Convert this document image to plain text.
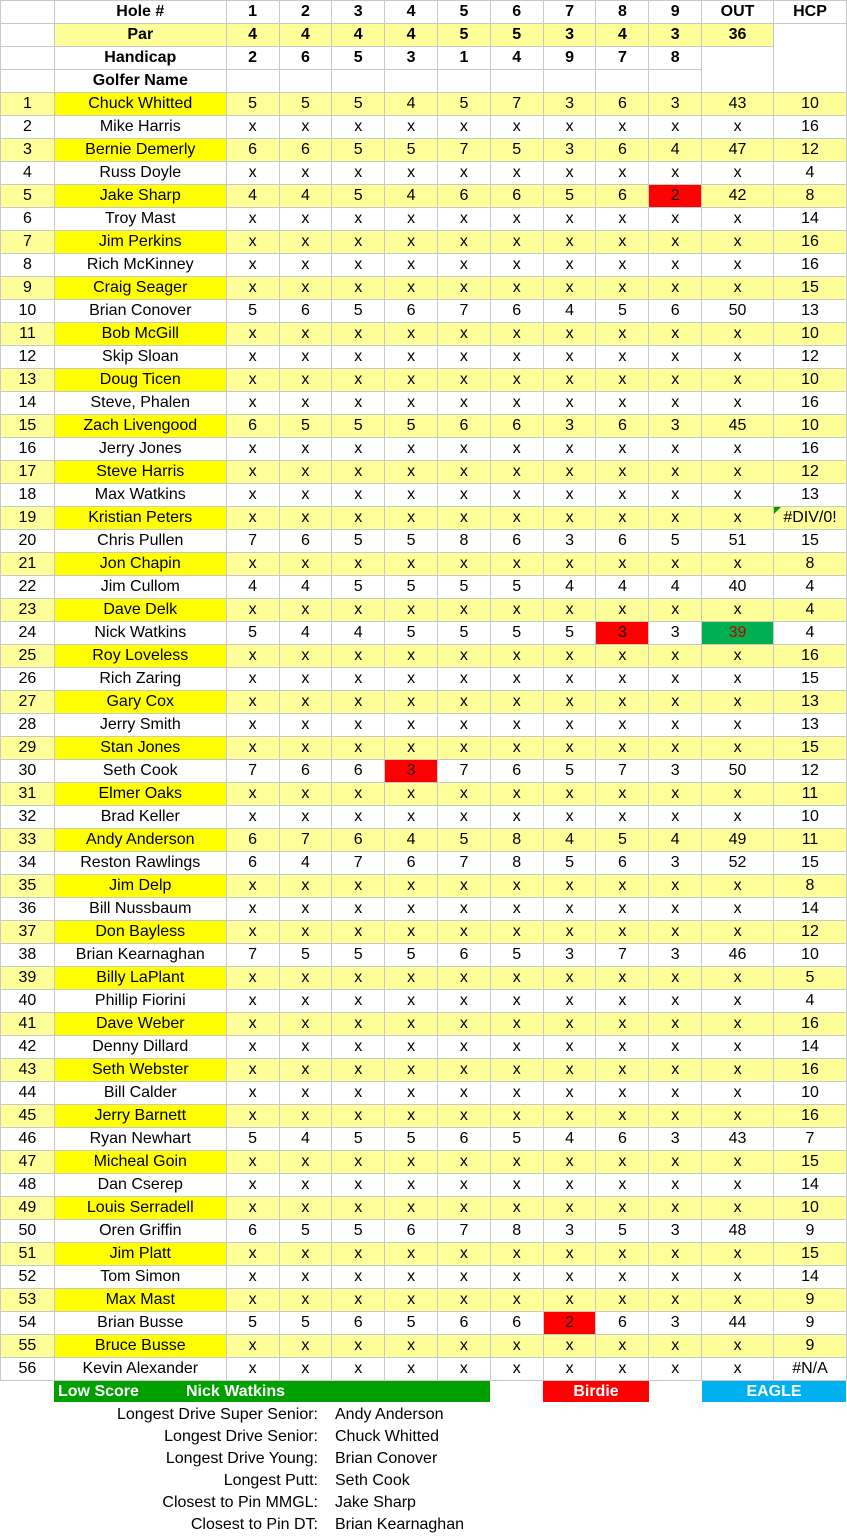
	Hole #	1	2	3	4	5	6	7	8	9	OUT	HCP
	Par	4	4	4	4	5	5	3	4	3	36	
	Handicap	2	6	5	3	1	4	9	7	8		
	Golfer Name											
1	Chuck Whitted	5	5	5	4	5	7	3	6	3	43	10
2	Mike Harris	x	x	x	x	x	x	x	x	x	x	16
3	Bernie Demerly	6	6	5	5	7	5	3	6	4	47	12
4	Russ Doyle	x	x	x	x	x	x	x	x	x	x	4
5	Jake Sharp	4	4	5	4	6	6	5	6	2	42	8
6	Troy Mast	x	x	x	x	x	x	x	x	x	x	14
7	Jim Perkins	x	x	x	x	x	x	x	x	x	x	16
8	Rich McKinney	x	x	x	x	x	x	x	x	x	x	16
9	Craig Seager	x	x	x	x	x	x	x	x	x	x	15
10	Brian Conover	5	6	5	6	7	6	4	5	6	50	13
11	Bob McGill	x	x	x	x	x	x	x	x	x	x	10
12	Skip Sloan	x	x	x	x	x	x	x	x	x	x	12
13	Doug Ticen	x	x	x	x	x	x	x	x	x	x	10
14	Steve, Phalen	x	x	x	x	x	x	x	x	x	x	16
15	Zach Livengood	6	5	5	5	6	6	3	6	3	45	10
16	Jerry Jones	x	x	x	x	x	x	x	x	x	x	16
17	Steve Harris	x	x	x	x	x	x	x	x	x	x	12
18	Max Watkins	x	x	x	x	x	x	x	x	x	x	13
19	Kristian Peters	x	x	x	x	x	x	x	x	x	x	#DIV/0!
20	Chris Pullen	7	6	5	5	8	6	3	6	5	51	15
21	Jon Chapin	x	x	x	x	x	x	x	x	x	x	8
22	Jim Cullom	4	4	5	5	5	5	4	4	4	40	4
23	Dave Delk	x	x	x	x	x	x	x	x	x	x	4
24	Nick Watkins	5	4	4	5	5	5	5	3	3	39	4
25	Roy Loveless	x	x	x	x	x	x	x	x	x	x	16
26	Rich Zaring	x	x	x	x	x	x	x	x	x	x	15
27	Gary Cox	x	x	x	x	x	x	x	x	x	x	13
28	Jerry Smith	x	x	x	x	x	x	x	x	x	x	13
29	Stan Jones	x	x	x	x	x	x	x	x	x	x	15
30	Seth Cook	7	6	6	3	7	6	5	7	3	50	12
31	Elmer Oaks	x	x	x	x	x	x	x	x	x	x	11
32	Brad Keller	x	x	x	x	x	x	x	x	x	x	10
33	Andy Anderson	6	7	6	4	5	8	4	5	4	49	11
34	Reston Rawlings	6	4	7	6	7	8	5	6	3	52	15
35	Jim Delp	x	x	x	x	x	x	x	x	x	x	8
36	Bill Nussbaum	x	x	x	x	x	x	x	x	x	x	14
37	Don Bayless	x	x	x	x	x	x	x	x	x	x	12
38	Brian Kearnaghan	7	5	5	5	6	5	3	7	3	46	10
39	Billy LaPlant	x	x	x	x	x	x	x	x	x	x	5
40	Phillip Fiorini	x	x	x	x	x	x	x	x	x	x	4
41	Dave Weber	x	x	x	x	x	x	x	x	x	x	16
42	Denny Dillard	x	x	x	x	x	x	x	x	x	x	14
43	Seth Webster	x	x	x	x	x	x	x	x	x	x	16
44	Bill Calder	x	x	x	x	x	x	x	x	x	x	10
45	Jerry Barnett	x	x	x	x	x	x	x	x	x	x	16
46	Ryan Newhart	5	4	5	5	6	5	4	6	3	43	7
47	Micheal Goin	x	x	x	x	x	x	x	x	x	x	15
48	Dan Cserep	x	x	x	x	x	x	x	x	x	x	14
49	Louis Serradell	x	x	x	x	x	x	x	x	x	x	10
50	Oren Griffin	6	5	5	6	7	8	3	5	3	48	9
51	Jim Platt	x	x	x	x	x	x	x	x	x	x	15
52	Tom Simon	x	x	x	x	x	x	x	x	x	x	14
53	Max Mast	x	x	x	x	x	x	x	x	x	x	9
54	Brian Busse	5	5	6	5	6	6	2	6	3	44	9
55	Bruce Busse	x	x	x	x	x	x	x	x	x	x	9
56	Kevin Alexander	x	x	x	x	x	x	x	x	x	x	#N/A
Low Score	Nick Watkins	Birdie	EAGLE
Longest Drive Super Senior: Andy Anderson
Longest Drive Senior: Chuck Whitted
Longest Drive Young: Brian Conover
Longest Putt: Seth Cook
Closest to Pin MMGL: Jake Sharp
Closest to Pin DT: Brian Kearnaghan
